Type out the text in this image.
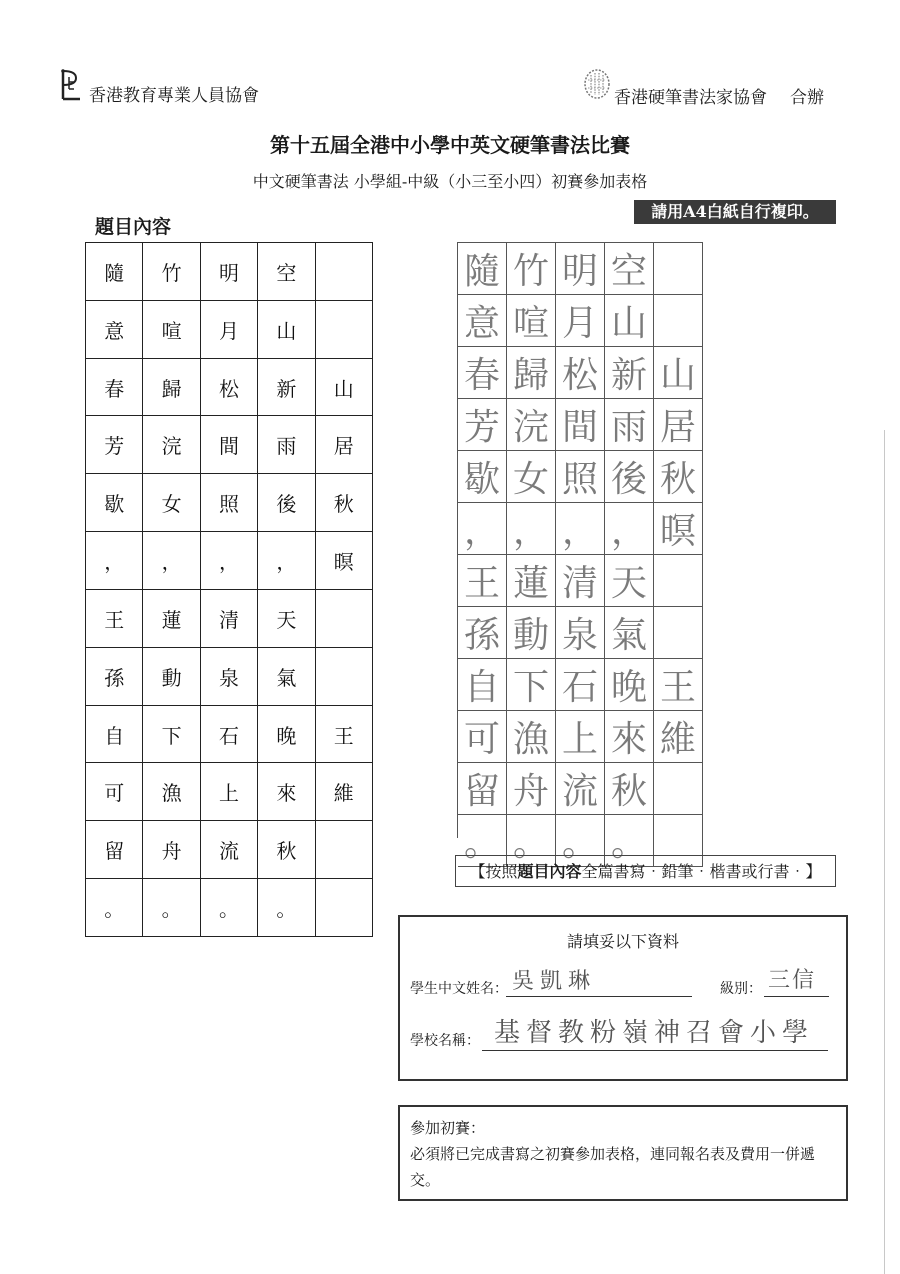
香港教育專業人員協會	香港硬筆書法家協會 合辦
第十五屆全港中小學中英文硬筆書法比賽
中文硬筆書法 小學組-中級（小三至小四）初賽參加表格
題目內容
請用A4白紙自行複印。
隨	竹	明	空
意	喧	月	山
春	歸	松	新	山
芳	浣	間	雨	居
歇	女	照	後	秋
，	，	，	，	暝
王	蓮	清	天
孫	動	泉	氣
自	下	石	晚	王
可	漁	上	來	維
留	舟	流	秋
。	。	。	。
隨 竹 明 空
意 喧 月 山
春 歸 松 新 山
芳 浣 間 雨 居
歇 女 照 後 秋
， ， ， ， 暝
王 蓮 清 天
孫 動 泉 氣
自 下 石 晚 王
可 漁 上 來 維
留 舟 流 秋
。 。 。 。
【按照題目內容全篇書寫‧鉛筆‧楷書或行書‧】
請填妥以下資料
學生中文姓名： 吳凱琳	級別： 三信
學校名稱： 基督教粉嶺神召會小學
參加初賽：
必須將已完成書寫之初賽參加表格，連同報名表及費用一併遞交。
